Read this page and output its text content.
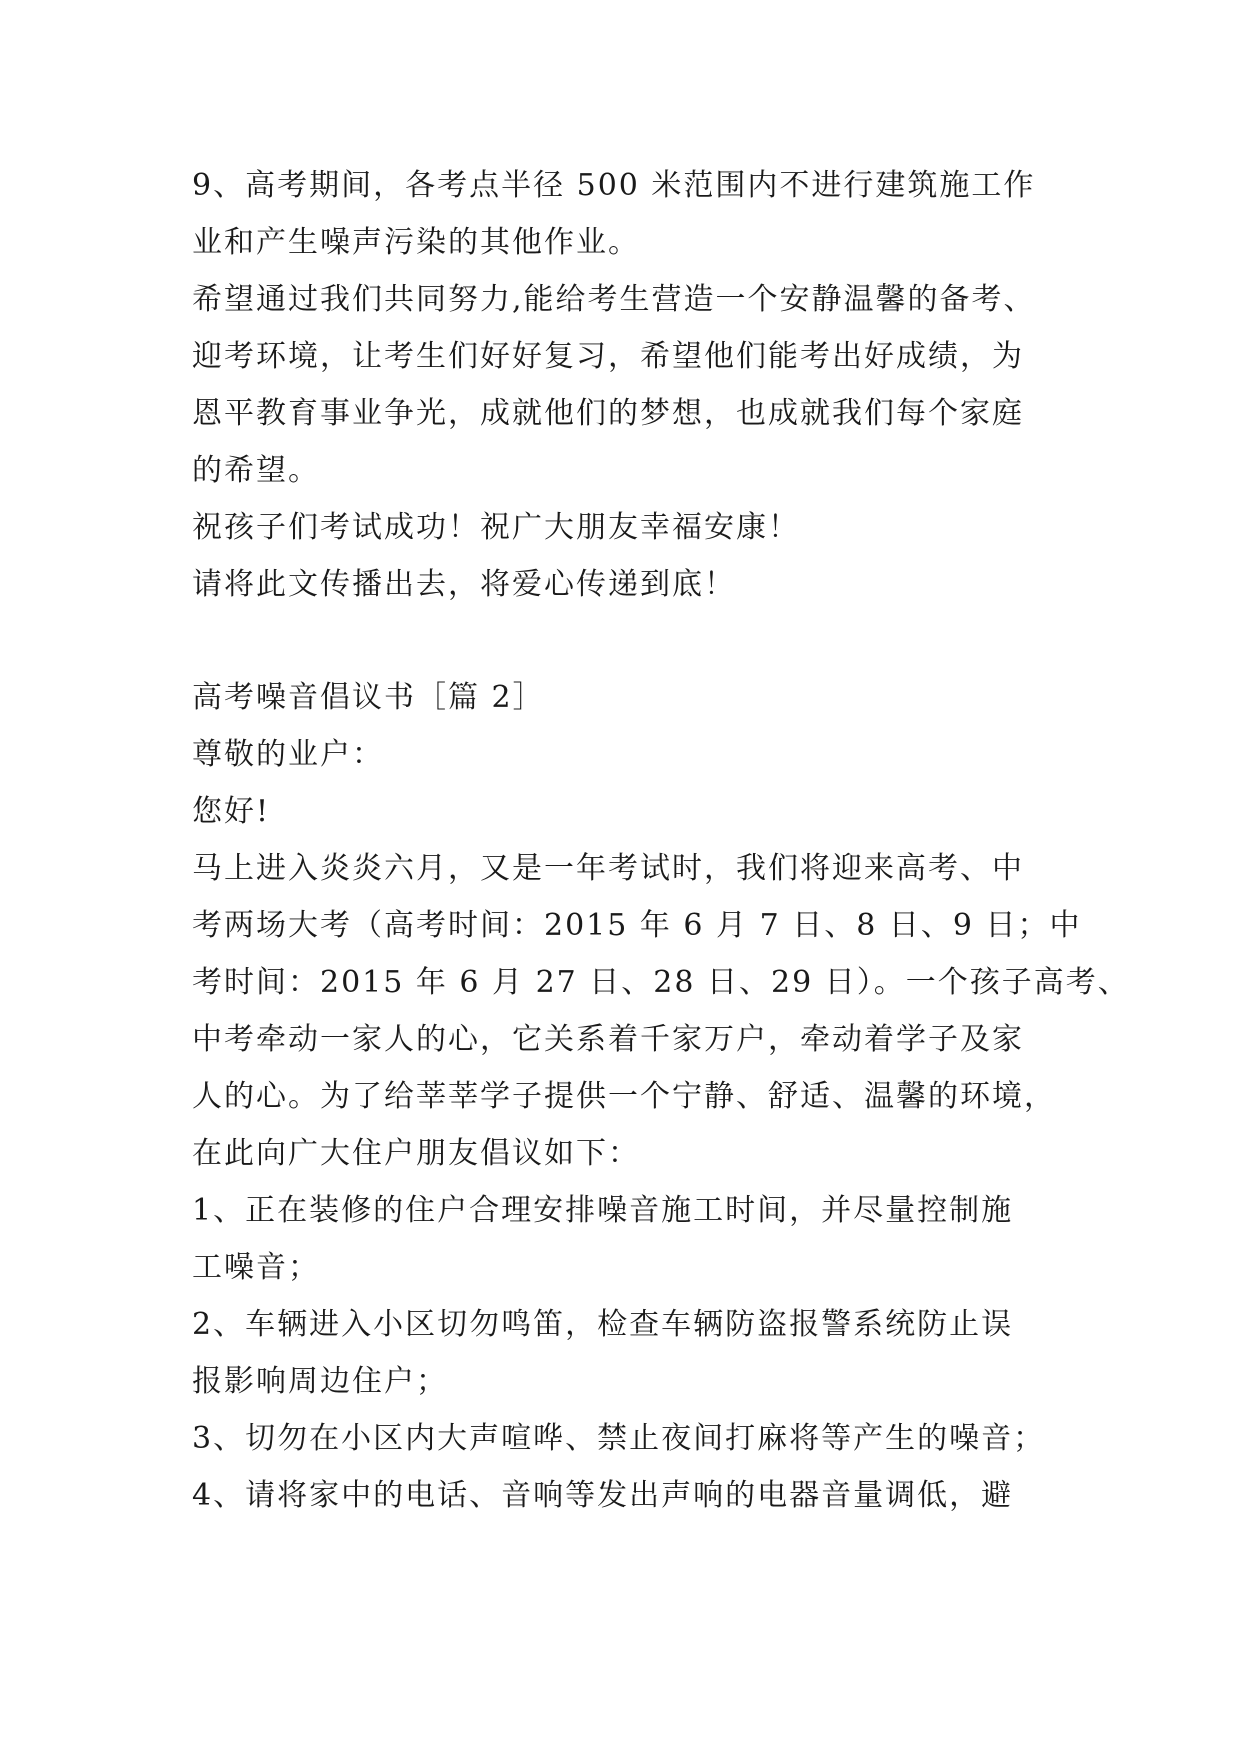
9、高考期间，各考点半径 500 米范围内不进行建筑施工作
业和产生噪声污染的其他作业。
希望通过我们共同努力,能给考生营造一个安静温馨的备考、
迎考环境，让考生们好好复习，希望他们能考出好成绩，为
恩平教育事业争光，成就他们的梦想，也成就我们每个家庭
的希望。
祝孩子们考试成功！祝广大朋友幸福安康！
请将此文传播出去，将爱心传递到底！
高考噪音倡议书［篇 2］
尊敬的业户：
您好!
马上进入炎炎六月，又是一年考试时，我们将迎来高考、中
考两场大考（高考时间：2015 年 6 月 7 日、8 日、9 日；中
考时间：2015 年 6 月 27 日、28 日、29 日）。一个孩子高考、
中考牵动一家人的心，它关系着千家万户，牵动着学子及家
人的心。为了给莘莘学子提供一个宁静、舒适、温馨的环境，
在此向广大住户朋友倡议如下：
1、正在装修的住户合理安排噪音施工时间，并尽量控制施
工噪音；
2、车辆进入小区切勿鸣笛，检查车辆防盗报警系统防止误
报影响周边住户；
3、切勿在小区内大声喧哗、禁止夜间打麻将等产生的噪音；
4、请将家中的电话、音响等发出声响的电器音量调低，避
